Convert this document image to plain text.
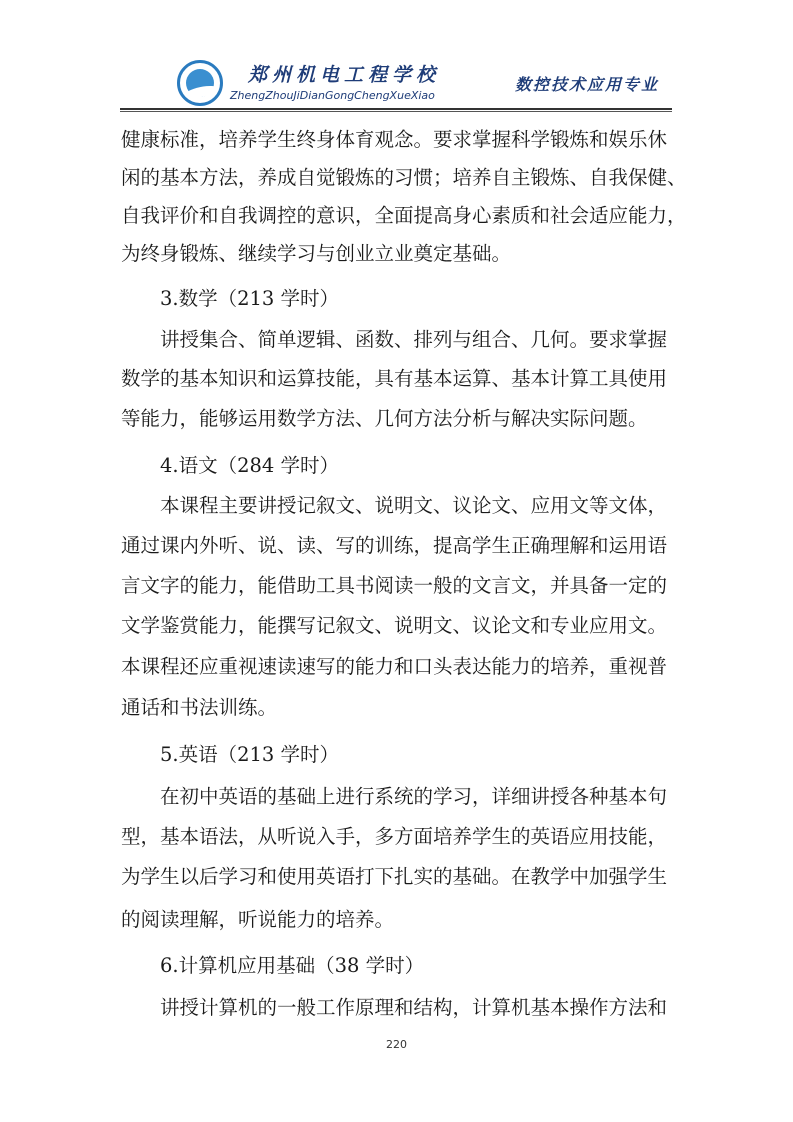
郑州机电工程学校
ZhengZhouJiDianGongChengXueXiao
数控技术应用专业
健康标准，培养学生终身体育观念。要求掌握科学锻炼和娱乐休
闲的基本方法，养成自觉锻炼的习惯；培养自主锻炼、自我保健、
自我评价和自我调控的意识，全面提高身心素质和社会适应能力，
为终身锻炼、继续学习与创业立业奠定基础。
3.数学（213 学时）
讲授集合、简单逻辑、函数、排列与组合、几何。要求掌握
数学的基本知识和运算技能，具有基本运算、基本计算工具使用
等能力，能够运用数学方法、几何方法分析与解决实际问题。
4.语文（284 学时）
本课程主要讲授记叙文、说明文、议论文、应用文等文体，
通过课内外听、说、读、写的训练，提高学生正确理解和运用语
言文字的能力，能借助工具书阅读一般的文言文，并具备一定的
文学鉴赏能力，能撰写记叙文、说明文、议论文和专业应用文。
本课程还应重视速读速写的能力和口头表达能力的培养，重视普
通话和书法训练。
5.英语（213 学时）
在初中英语的基础上进行系统的学习，详细讲授各种基本句
型，基本语法，从听说入手，多方面培养学生的英语应用技能，
为学生以后学习和使用英语打下扎实的基础。在教学中加强学生
的阅读理解，听说能力的培养。
6.计算机应用基础（38 学时）
讲授计算机的一般工作原理和结构，计算机基本操作方法和
220
